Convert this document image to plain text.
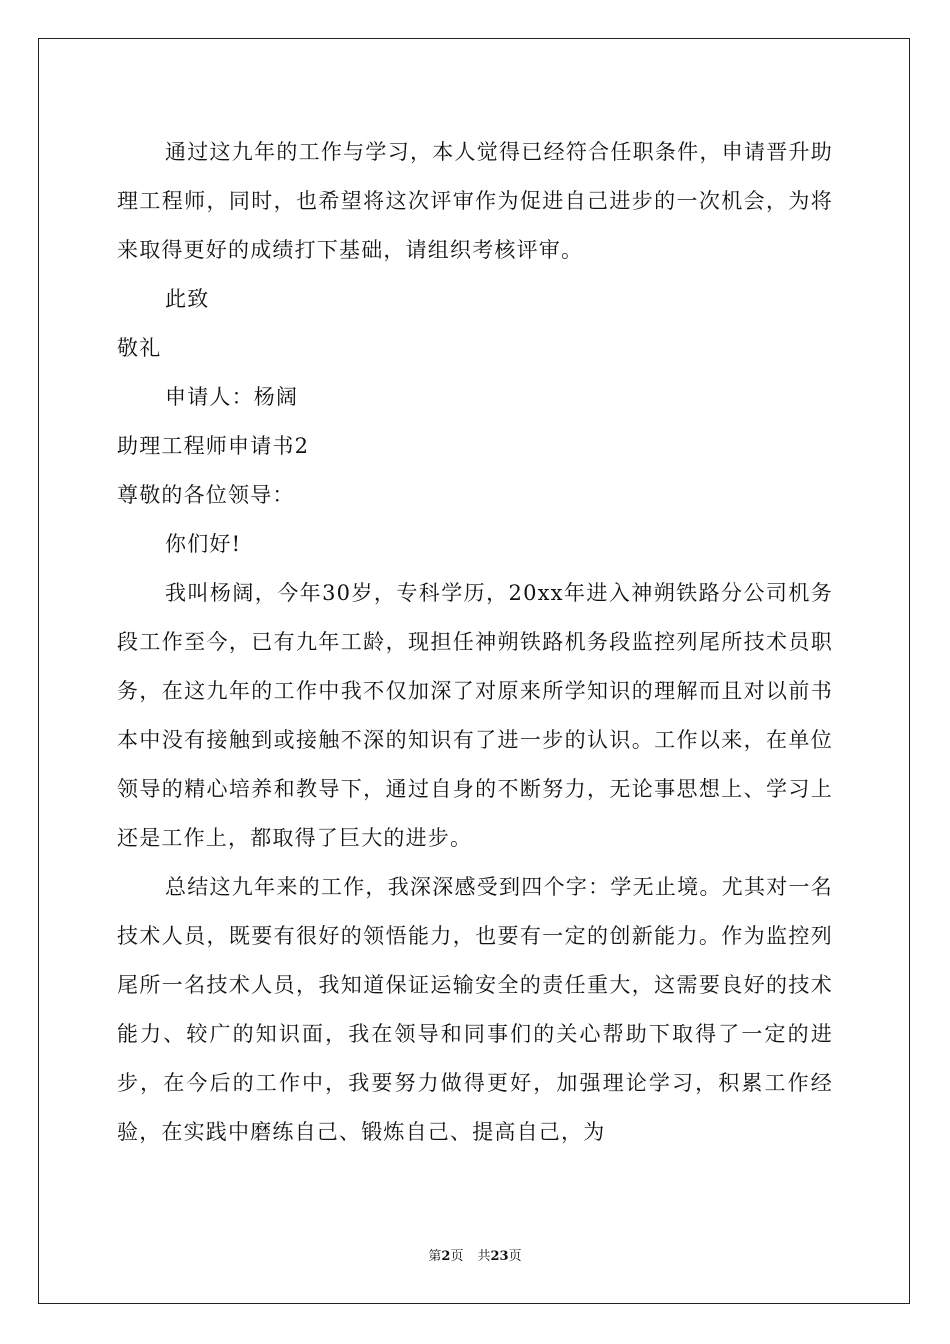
通过这九年的工作与学习，本人觉得已经符合任职条件，申请晋升助理工程师，同时，也希望将这次评审作为促进自己进步的一次机会，为将来取得更好的成绩打下基础，请组织考核评审。

此致

敬礼

申请人：杨阔

助理工程师申请书2

尊敬的各位领导：

你们好!

我叫杨阔，今年30岁，专科学历，20xx年进入神朔铁路分公司机务段工作至今，已有九年工龄，现担任神朔铁路机务段监控列尾所技术员职务，在这九年的工作中我不仅加深了对原来所学知识的理解而且对以前书本中没有接触到或接触不深的知识有了进一步的认识。工作以来，在单位领导的精心培养和教导下，通过自身的不断努力，无论事思想上、学习上还是工作上，都取得了巨大的进步。

总结这九年来的工作，我深深感受到四个字：学无止境。尤其对一名技术人员，既要有很好的领悟能力，也要有一定的创新能力。作为监控列尾所一名技术人员，我知道保证运输安全的责任重大，这需要良好的技术能力、较广的知识面，我在领导和同事们的关心帮助下取得了一定的进步，在今后的工作中，我要努力做得更好，加强理论学习，积累工作经验，在实践中磨练自己、锻炼自己、提高自己，为

第2页 共23页
